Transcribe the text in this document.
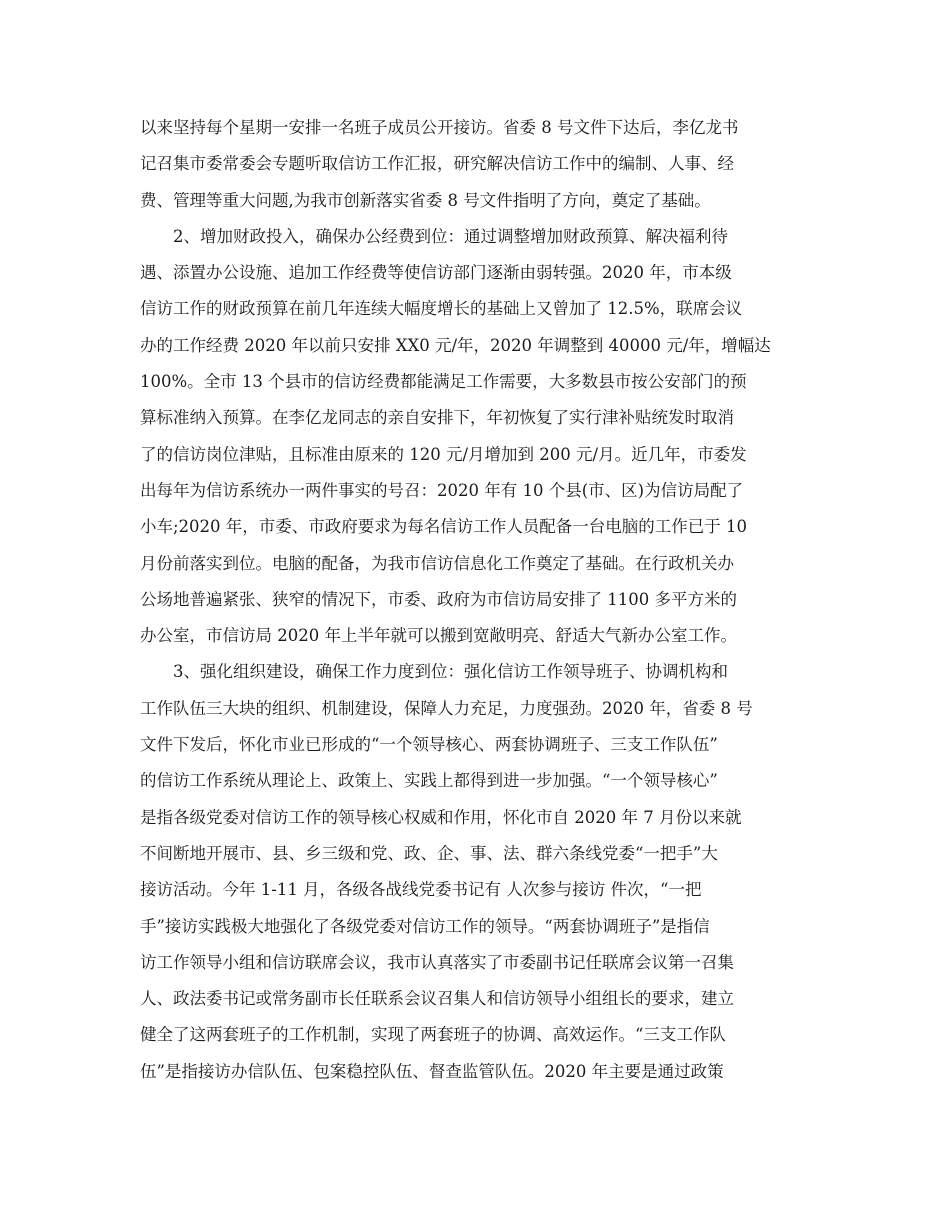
以来坚持每个星期一安排一名班子成员公开接访。省委 8 号文件下达后，李亿龙书
记召集市委常委会专题听取信访工作汇报，研究解决信访工作中的编制、人事、经
费、管理等重大问题,为我市创新落实省委 8 号文件指明了方向，奠定了基础。
2、增加财政投入，确保办公经费到位：通过调整增加财政预算、解决福利待
遇、添置办公设施、追加工作经费等使信访部门逐渐由弱转强。2020 年，市本级
信访工作的财政预算在前几年连续大幅度增长的基础上又曾加了 12.5%，联席会议
办的工作经费 2020 年以前只安排 XX0 元/年，2020 年调整到 40000 元/年，增幅达
100%。全市 13 个县市的信访经费都能满足工作需要，大多数县市按公安部门的预
算标准纳入预算。在李亿龙同志的亲自安排下，年初恢复了实行津补贴统发时取消
了的信访岗位津贴，且标准由原来的 120 元/月增加到 200 元/月。近几年，市委发
出每年为信访系统办一两件事实的号召：2020 年有 10 个县(市、区)为信访局配了
小车;2020 年，市委、市政府要求为每名信访工作人员配备一台电脑的工作已于 10
月份前落实到位。电脑的配备，为我市信访信息化工作奠定了基础。在行政机关办
公场地普遍紧张、狭窄的情况下，市委、政府为市信访局安排了 1100 多平方米的
办公室，市信访局 2020 年上半年就可以搬到宽敞明亮、舒适大气新办公室工作。
3、强化组织建设，确保工作力度到位：强化信访工作领导班子、协调机构和
工作队伍三大块的组织、机制建设，保障人力充足，力度强劲。2020 年，省委 8 号
文件下发后，怀化市业已形成的“一个领导核心、两套协调班子、三支工作队伍”
的信访工作系统从理论上、政策上、实践上都得到进一步加强。“一个领导核心”
是指各级党委对信访工作的领导核心权威和作用，怀化市自 2020 年 7 月份以来就
不间断地开展市、县、乡三级和党、政、企、事、法、群六条线党委“一把手”大
接访活动。今年 1-11 月，各级各战线党委书记有 人次参与接访 件次，“一把
手”接访实践极大地强化了各级党委对信访工作的领导。“两套协调班子”是指信
访工作领导小组和信访联席会议，我市认真落实了市委副书记任联席会议第一召集
人、政法委书记或常务副市长任联系会议召集人和信访领导小组组长的要求，建立
健全了这两套班子的工作机制，实现了两套班子的协调、高效运作。“三支工作队
伍”是指接访办信队伍、包案稳控队伍、督查监管队伍。2020 年主要是通过政策
